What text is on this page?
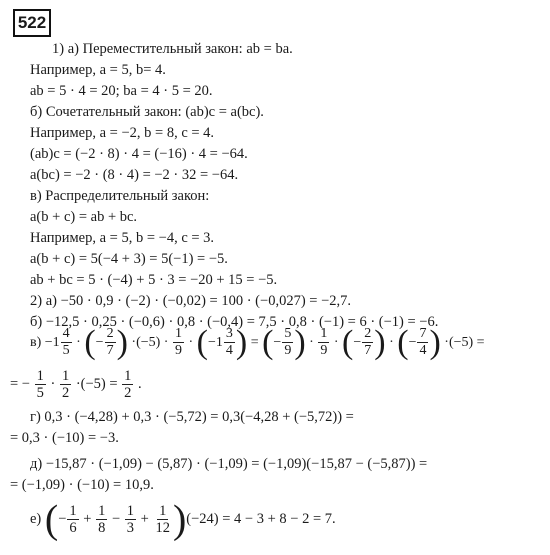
522
1) а) Переместительный закон: ab = ba.
Например, a = 5, b= 4.
ab = 5 · 4 = 20; ba = 4 · 5 = 20.
б) Сочетательный закон: (ab)c = a(bc).
Например, a = −2, b = 8, c = 4.
(ab)c = (−2 · 8) · 4 = (−16) · 4 = −64.
a(bc) = −2 · (8 · 4) = −2 · 32 = −64.
в) Распределительный закон:
a(b + c) = ab + bc.
Например, a = 5, b = −4, c = 3.
a(b + c) = 5(−4 + 3) = 5(−1) = −5.
ab + bc = 5 · (−4) + 5 · 3 = −20 + 15 = −5.
2) а) −50 · 0,9 · (−2) · (−0,02) = 100 · (−0,027) = −2,7.
б) −12,5 · 0,25 · (−0,6) · 0,8 · (−0,4) = 7,5 · 0,8 · (−1) = 6 · (−1) = −6.
$в) -1 \frac{4}{5}$ · (− $\frac{2}{7}$ ) $\cdot(-5) \cdot \frac{1}{9} \cdot (-1 \frac{3}{4}$ ) = (− $\frac{5}{9}$ ) · $\frac{1}{9}$ · (− $\frac{2}{7}$ ) · (− $\frac{7}{4}$ ) ·(−5) =
= − $\frac{1}{5} \cdot \frac{1}{2} \cdot(-5) = \frac{1}{2}$ .
г) 0,3 · (−4,28) + 0,3 · (−5,72) = 0,3(−4,28 + (−5,72)) =
= 0,3 · (−10) = −3.
д) −15,87 · (−1,09) − (5,87) · (−1,09) = (−1,09)(−15,87 − (−5,87)) =
= (−1,09) · (−10) = 10,9.
е) (− $\frac{1}{6} + \frac{1}{8} - \frac{1}{3} + \frac{1}{12} )(-24) = 4 - 3 + 8 - 2 = 7$.
